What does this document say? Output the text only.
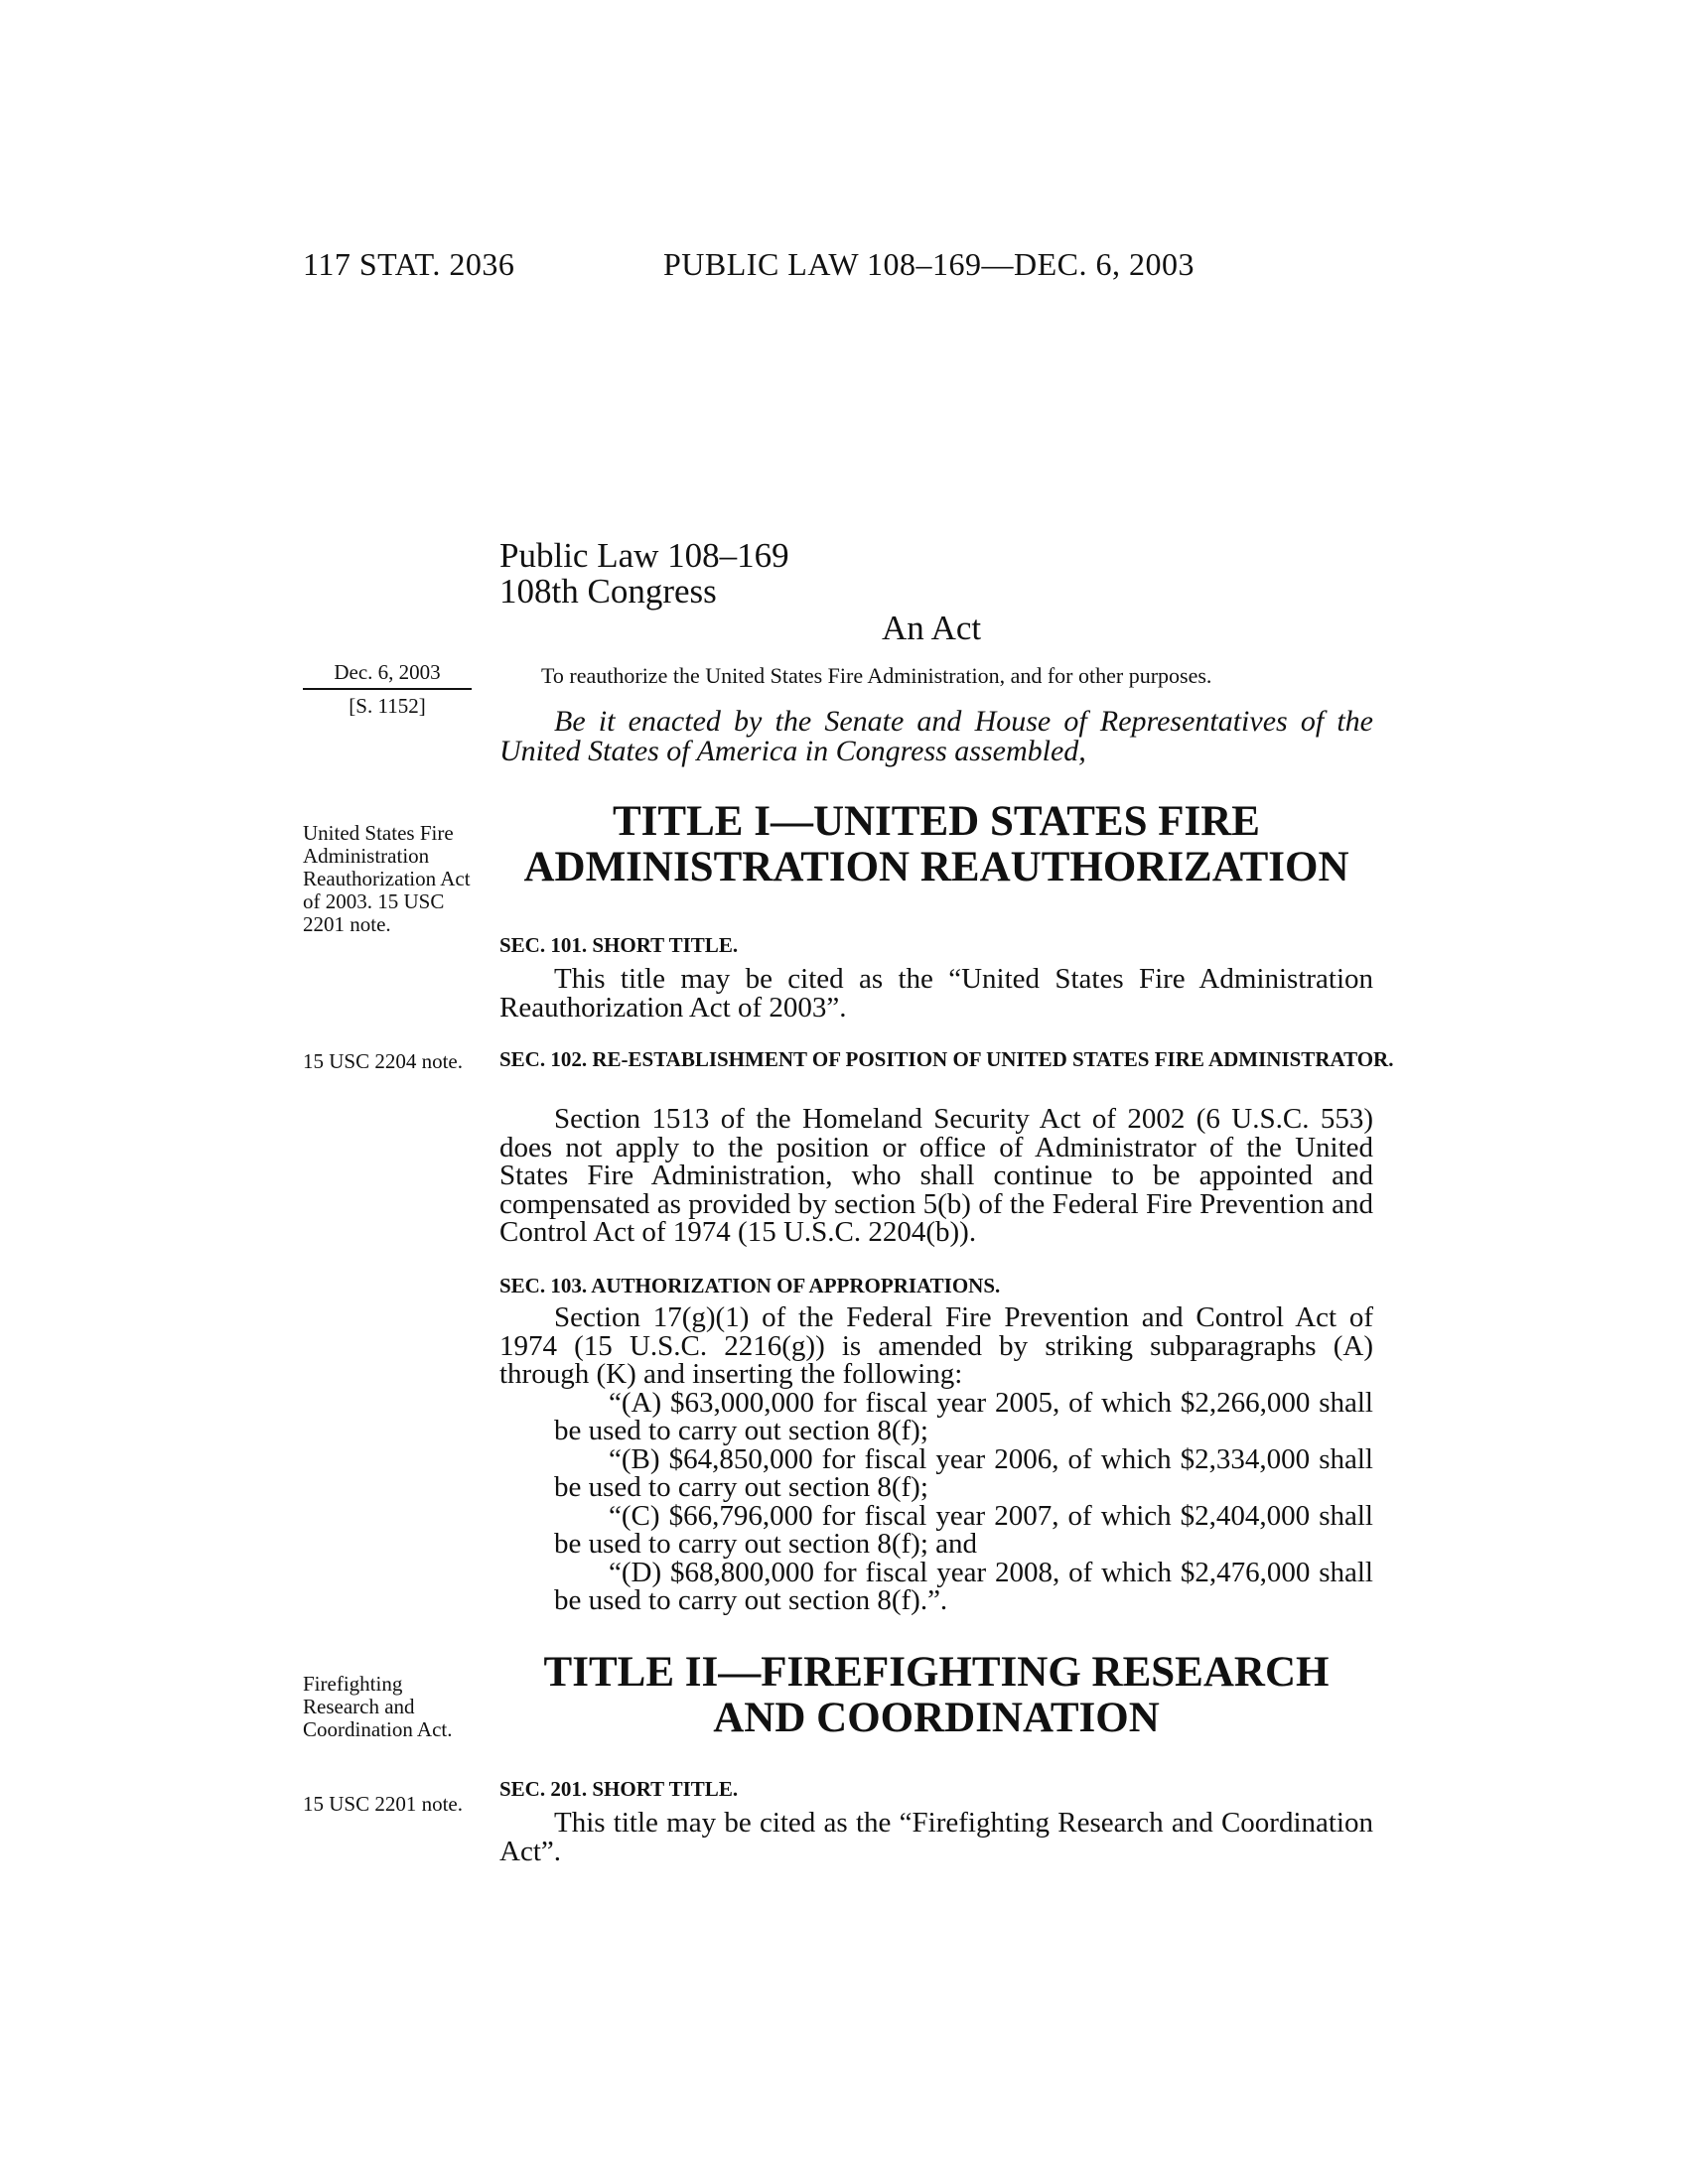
117 STAT. 2036	PUBLIC LAW 108–169—DEC. 6, 2003
Public Law 108–169
108th Congress
An Act
Dec. 6, 2003
[S. 1152]
To reauthorize the United States Fire Administration, and for other purposes.
Be it enacted by the Senate and House of Representatives of the United States of America in Congress assembled,
United States Fire Administration Reauthorization Act of 2003. 15 USC 2201 note.
15 USC 2204 note.
Firefighting Research and Coordination Act.
15 USC 2201 note.
TITLE I—UNITED STATES FIRE
ADMINISTRATION REAUTHORIZATION
SEC. 101. SHORT TITLE.
This title may be cited as the “United States Fire Administration Reauthorization Act of 2003”.
SEC. 102. RE-ESTABLISHMENT OF POSITION OF UNITED STATES FIRE ADMINISTRATOR.
Section 1513 of the Homeland Security Act of 2002 (6 U.S.C. 553) does not apply to the position or office of Administrator of the United States Fire Administration, who shall continue to be appointed and compensated as provided by section 5(b) of the Federal Fire Prevention and Control Act of 1974 (15 U.S.C. 2204(b)).
SEC. 103. AUTHORIZATION OF APPROPRIATIONS.
Section 17(g)(1) of the Federal Fire Prevention and Control Act of 1974 (15 U.S.C. 2216(g)) is amended by striking subparagraphs (A) through (K) and inserting the following:
“(A) $63,000,000 for fiscal year 2005, of which $2,266,000 shall be used to carry out section 8(f);
“(B) $64,850,000 for fiscal year 2006, of which $2,334,000 shall be used to carry out section 8(f);
“(C) $66,796,000 for fiscal year 2007, of which $2,404,000 shall be used to carry out section 8(f); and
“(D) $68,800,000 for fiscal year 2008, of which $2,476,000 shall be used to carry out section 8(f).”.
TITLE II—FIREFIGHTING RESEARCH
AND COORDINATION
SEC. 201. SHORT TITLE.
This title may be cited as the “Firefighting Research and Coordination Act”.
